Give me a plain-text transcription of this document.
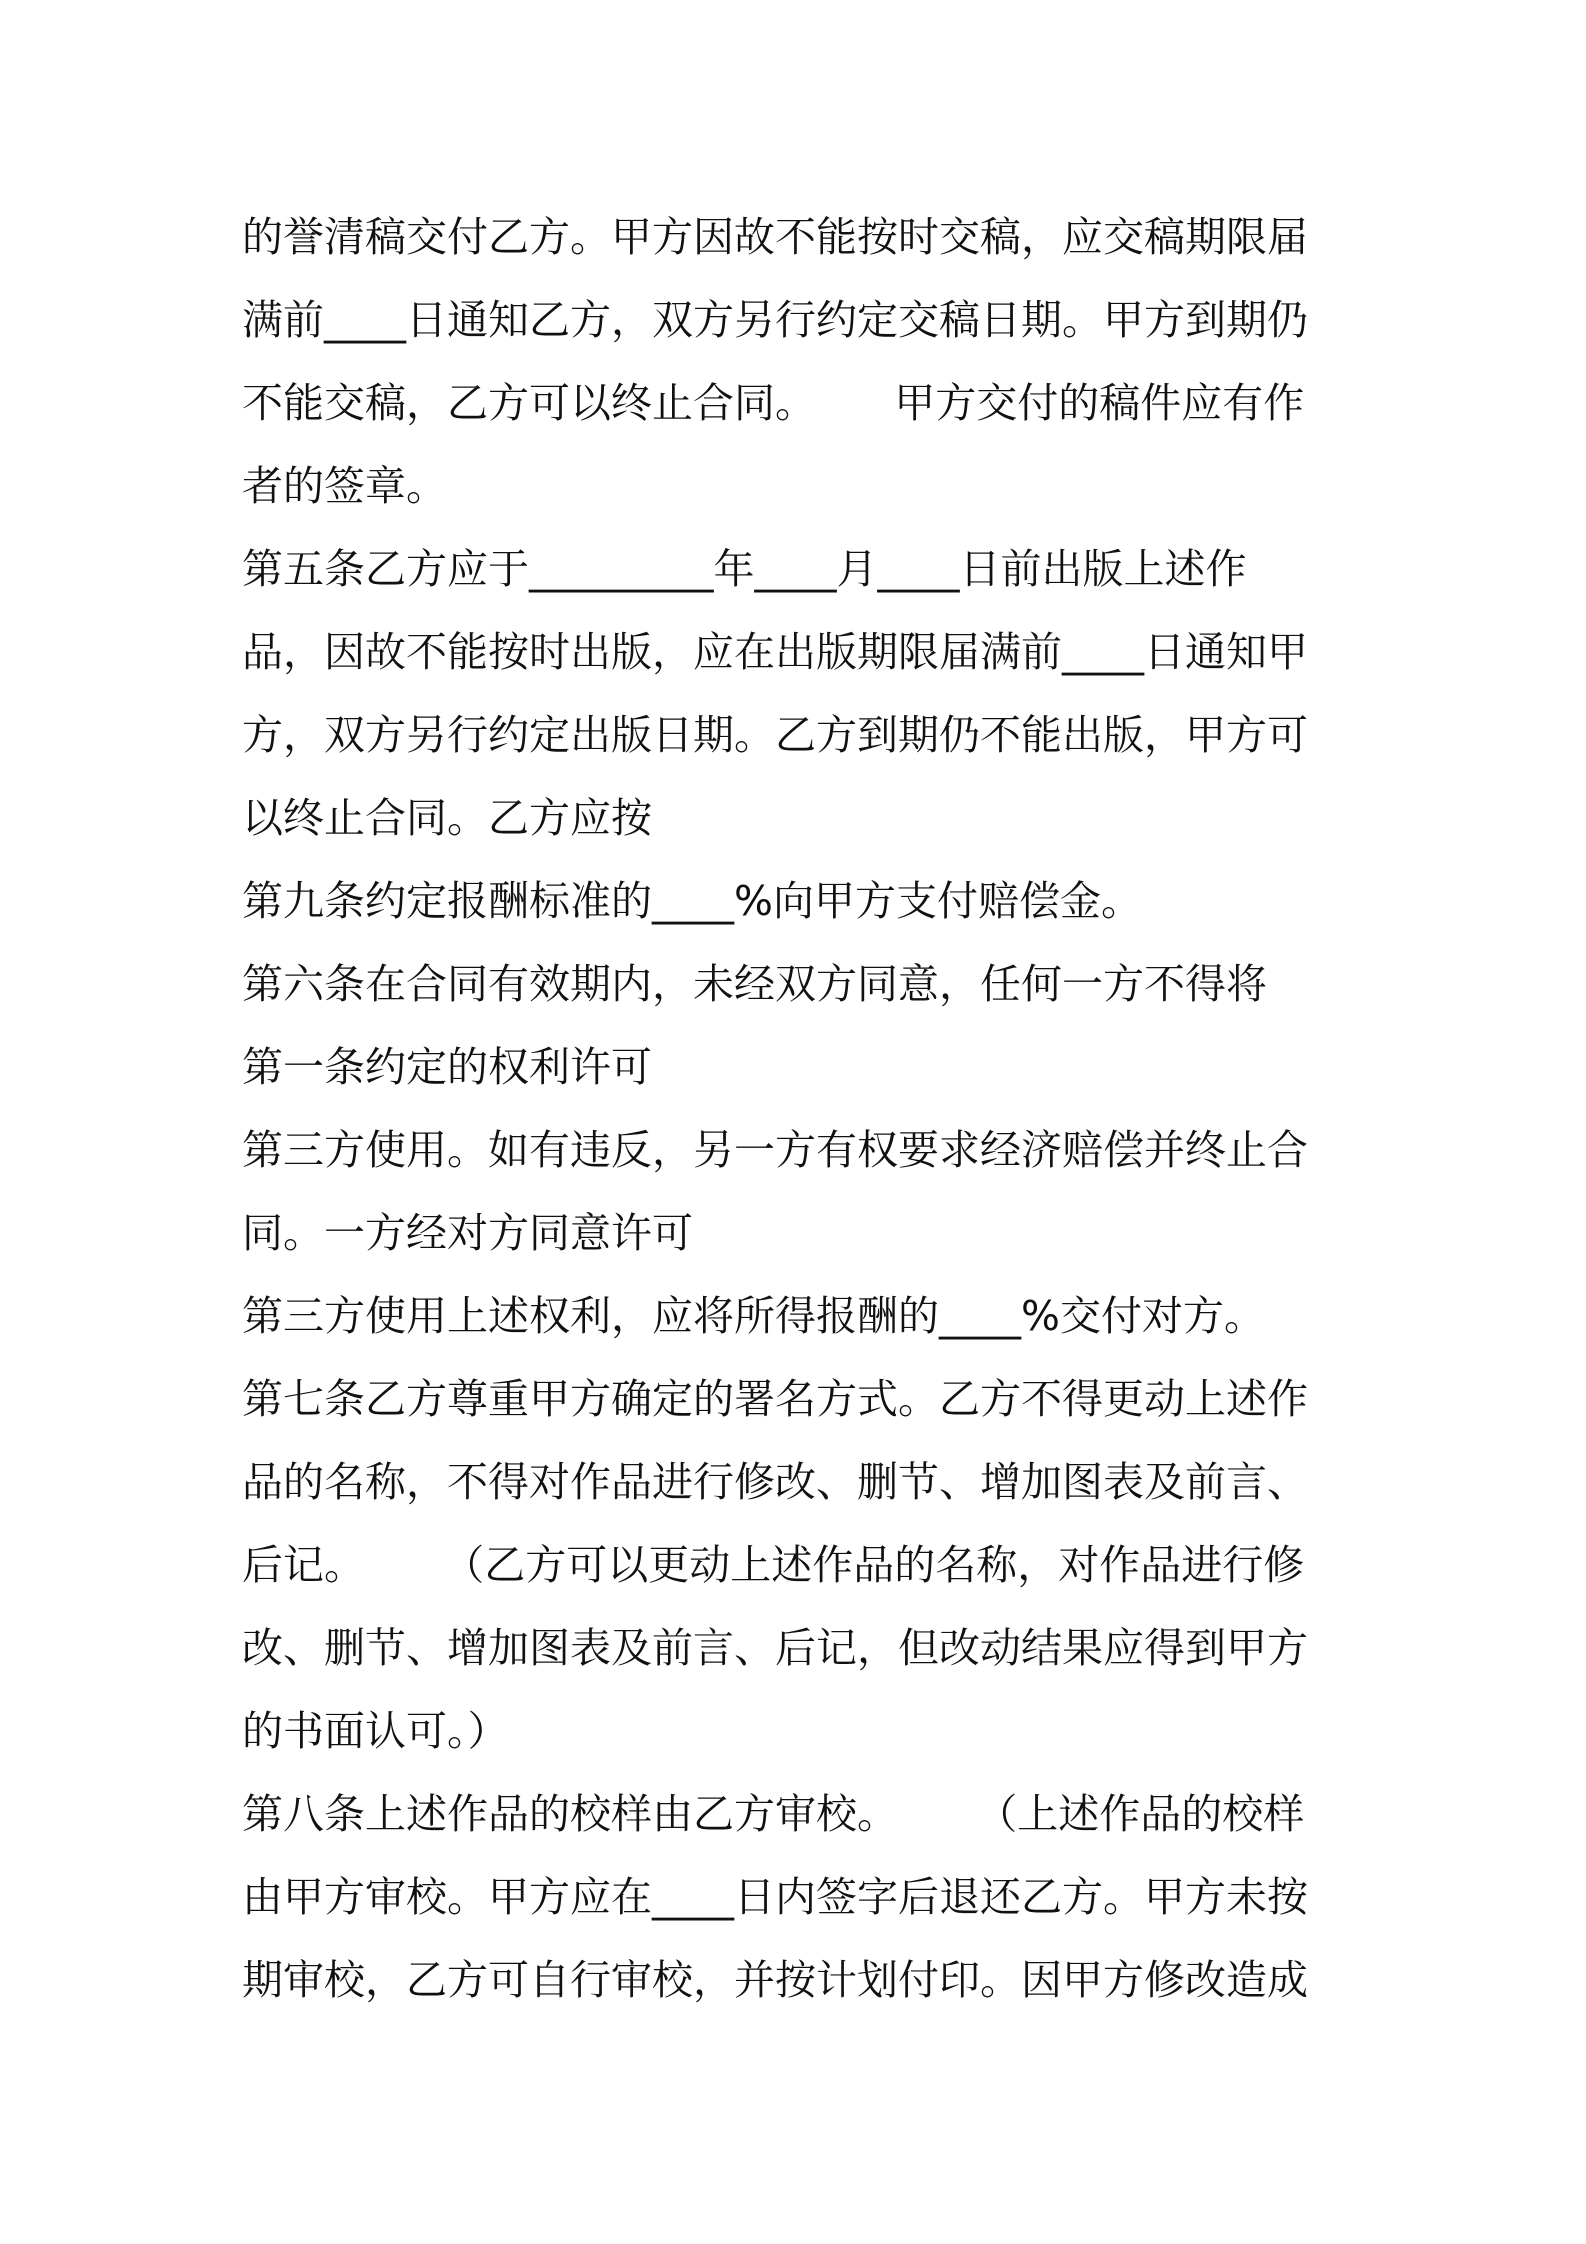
的誉清稿交付乙方。甲方因故不能按时交稿，应交稿期限届
满前____日通知乙方，双方另行约定交稿日期。甲方到期仍
不能交稿，乙方可以终止合同。      甲方交付的稿件应有作
者的签章。
第五条乙方应于_________年____月____日前出版上述作
品，因故不能按时出版，应在出版期限届满前____日通知甲
方，双方另行约定出版日期。乙方到期仍不能出版，甲方可
以终止合同。乙方应按
第九条约定报酬标准的____%向甲方支付赔偿金。
第六条在合同有效期内，未经双方同意，任何一方不得将
第一条约定的权利许可
第三方使用。如有违反，另一方有权要求经济赔偿并终止合
同。一方经对方同意许可
第三方使用上述权利，应将所得报酬的____%交付对方。
第七条乙方尊重甲方确定的署名方式。乙方不得更动上述作
品的名称，不得对作品进行修改、删节、增加图表及前言、
后记。      （乙方可以更动上述作品的名称，对作品进行修
改、删节、增加图表及前言、后记，但改动结果应得到甲方
的书面认可。）
第八条上述作品的校样由乙方审校。      （上述作品的校样
由甲方审校。甲方应在____日内签字后退还乙方。甲方未按
期审校，乙方可自行审校，并按计划付印。因甲方修改造成
